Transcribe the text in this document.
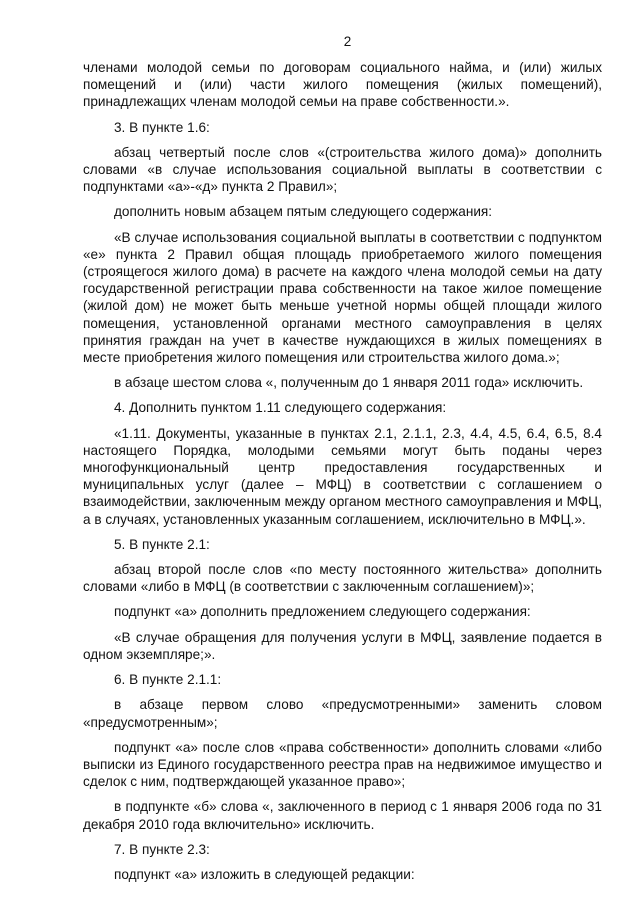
2

членами молодой семьи по договорам социального найма, и (или) жилых помещений и (или) части жилого помещения (жилых помещений), принадлежащих членам молодой семьи на праве собственности.».

3. В пункте 1.6:

абзац четвертый после слов «(строительства жилого дома)» дополнить словами «в случае использования социальной выплаты в соответствии с подпунктами «а»-«д» пункта 2 Правил»;

дополнить новым абзацем пятым следующего содержания:

«В случае использования социальной выплаты в соответствии с подпунктом «е» пункта 2 Правил общая площадь приобретаемого жилого помещения (строящегося жилого дома) в расчете на каждого члена молодой семьи на дату государственной регистрации права собственности на такое жилое помещение (жилой дом) не может быть меньше учетной нормы общей площади жилого помещения, установленной органами местного самоуправления в целях принятия граждан на учет в качестве нуждающихся в жилых помещениях в месте приобретения жилого помещения или строительства жилого дома.»;

в абзаце шестом слова «, полученным до 1 января 2011 года» исключить.

4. Дополнить пунктом 1.11 следующего содержания:

«1.11. Документы, указанные в пунктах 2.1, 2.1.1, 2.3, 4.4, 4.5, 6.4, 6.5, 8.4 настоящего Порядка, молодыми семьями могут быть поданы через многофункциональный центр предоставления государственных и муниципальных услуг (далее – МФЦ) в соответствии с соглашением о взаимодействии, заключенным между органом местного самоуправления и МФЦ, а в случаях, установленных указанным соглашением, исключительно в МФЦ.».

5. В пункте 2.1:

абзац второй после слов «по месту постоянного жительства» дополнить словами «либо в МФЦ (в соответствии с заключенным соглашением)»;

подпункт «а» дополнить предложением следующего содержания:

«В случае обращения для получения услуги в МФЦ, заявление подается в одном экземпляре;».

6. В пункте 2.1.1:

в абзаце первом слово «предусмотренными» заменить словом «предусмотренным»;

подпункт «а» после слов «права собственности» дополнить словами «либо выписки из Единого государственного реестра прав на недвижимое имущество и сделок с ним, подтверждающей указанное право»;

в подпункте «б» слова «, заключенного в период с 1 января 2006 года по 31 декабря 2010 года включительно» исключить.

7. В пункте 2.3:

подпункт «а» изложить в следующей редакции:
